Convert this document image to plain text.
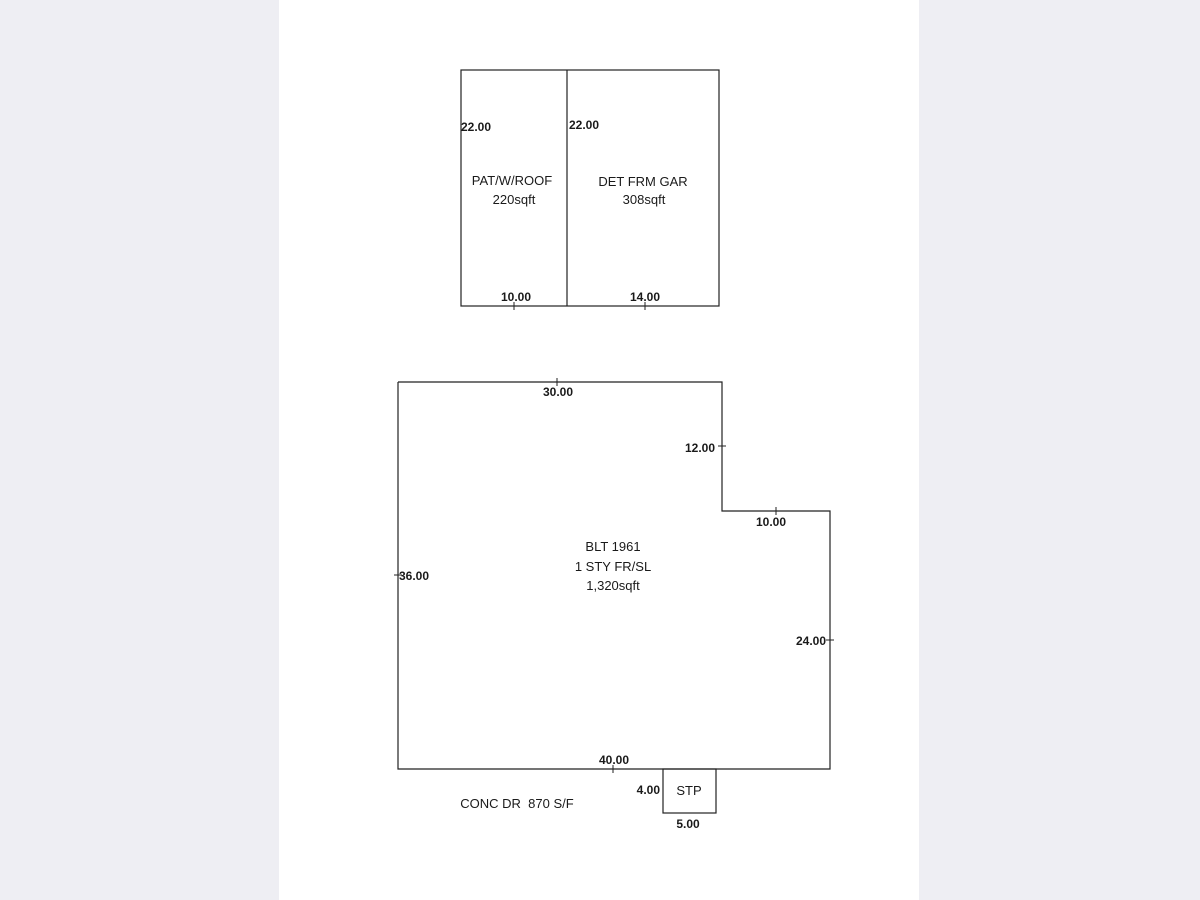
22.00	22.00
PAT/W/ROOF
220sqft
DET FRM GAR
308sqft
10.00	14.00
30.00
12.00
10.00
36.00
24.00
40.00
BLT 1961
1 STY FR/SL
1,320sqft
STP
4.00
5.00
CONC DR  870 S/F
